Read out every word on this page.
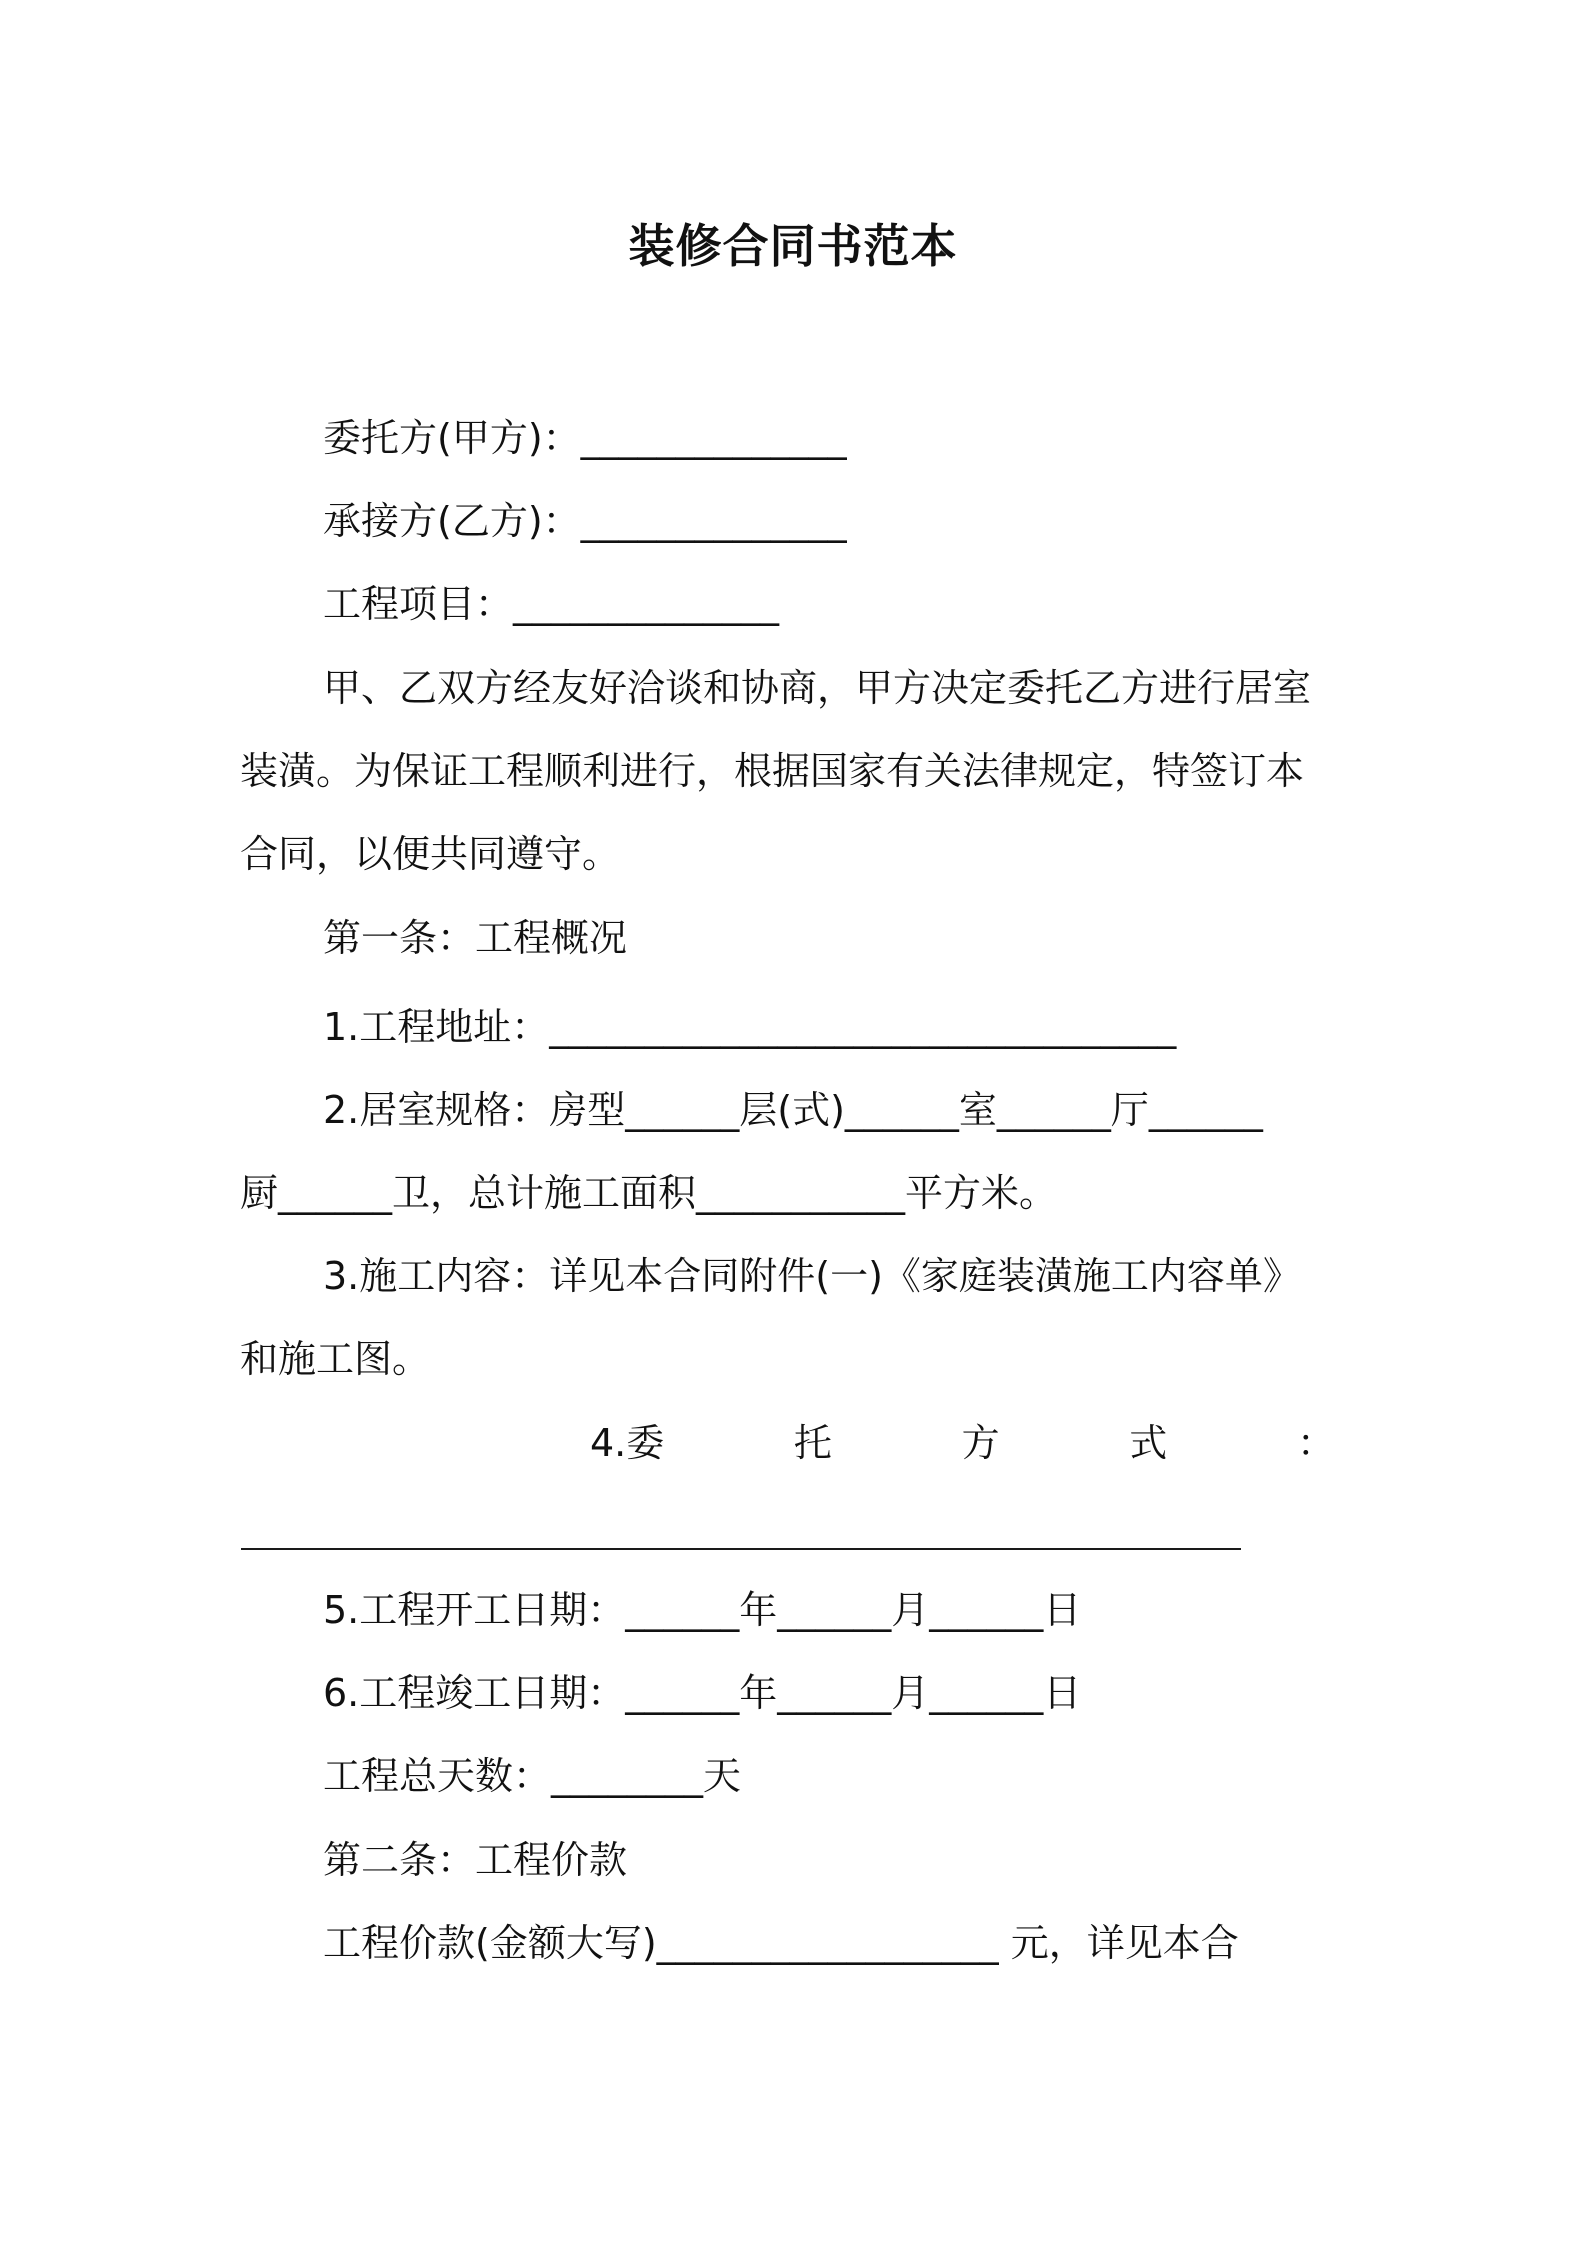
装修合同书范本
委托方(甲方)：______________
承接方(乙方)：______________
工程项目：______________
甲、乙双方经友好洽谈和协商，甲方决定委托乙方进行居室
装潢。为保证工程顺利进行，根据国家有关法律规定，特签订本
合同，以便共同遵守。
第一条：工程概况
1.工程地址：_________________________________
2.居室规格：房型______层(式)______室______厅______
厨______卫，总计施工面积___________平方米。
3.施工内容：详见本合同附件(一)《家庭装潢施工内容单》
和施工图。
4.委	托	方	式	：
5.工程开工日期：______年______月______日
6.工程竣工日期：______年______月______日
工程总天数：________天
第二条：工程价款
工程价款(金额大写)__________________ 元，详见本合
